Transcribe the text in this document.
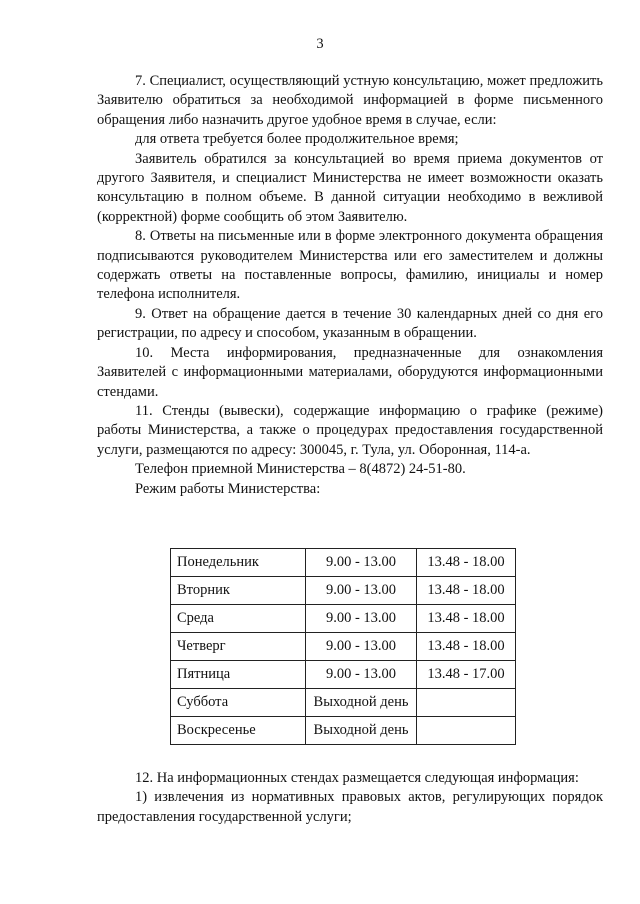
3

7. Специалист, осуществляющий устную консультацию, может предложить Заявителю обратиться за необходимой информацией в форме письменного обращения либо назначить другое удобное время в случае, если:

для ответа требуется более продолжительное время;

Заявитель обратился за консультацией во время приема документов от другого Заявителя, и специалист Министерства не имеет возможности оказать консультацию в полном объеме. В данной ситуации необходимо в вежливой (корректной) форме сообщить об этом Заявителю.

8. Ответы на письменные или в форме электронного документа обращения подписываются руководителем Министерства или его заместителем и должны содержать ответы на поставленные вопросы, фамилию, инициалы и номер телефона исполнителя.

9. Ответ на обращение дается в течение 30 календарных дней со дня его регистрации, по адресу и способом, указанным в обращении.

10. Места информирования, предназначенные для ознакомления Заявителей с информационными материалами, оборудуются информационными стендами.

11. Стенды (вывески), содержащие информацию о графике (режиме) работы Министерства, а также о процедурах предоставления государственной услуги, размещаются по адресу: 300045, г. Тула, ул. Оборонная, 114-а.

Телефон приемной Министерства – 8(4872) 24-51-80.

Режим работы Министерства:

Понедельник	9.00 - 13.00	13.48 - 18.00
Вторник	9.00 - 13.00	13.48 - 18.00
Среда	9.00 - 13.00	13.48 - 18.00
Четверг	9.00 - 13.00	13.48 - 18.00
Пятница	9.00 - 13.00	13.48 - 17.00
Суббота	Выходной день	
Воскресенье	Выходной день	

12. На информационных стендах размещается следующая информация:

1) извлечения из нормативных правовых актов, регулирующих порядок предоставления государственной услуги;
